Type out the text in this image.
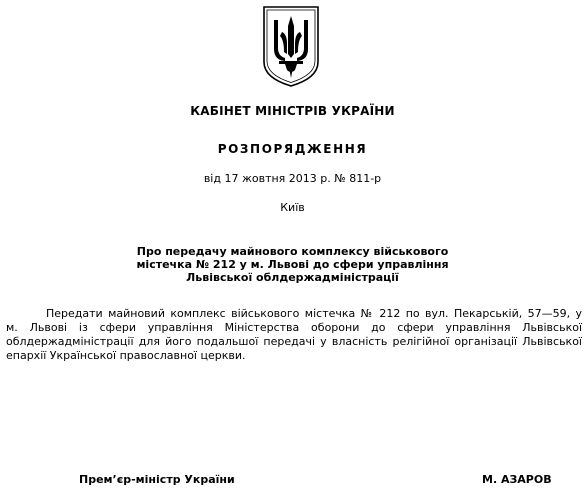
КАБІНЕТ МІНІСТРІВ УКРАЇНИ
РОЗПОРЯДЖЕННЯ
від 17 жовтня 2013 р. № 811-р
Київ
Про передачу майнового комплексу військового
містечка № 212 у м. Львові до сфери управління
Львівської облдержадміністрації
Передати майновий комплекс військового містечка № 212 по вул. Пекарській, 57—59, у
м. Львові із сфери управління Міністерства оборони до сфери управління Львівської
облдержадміністрації для його подальшої передачі у власність релігійної організації Львівської
епархії Української православної церкви.
Прем’єр-міністр України	М. АЗАРОВ
